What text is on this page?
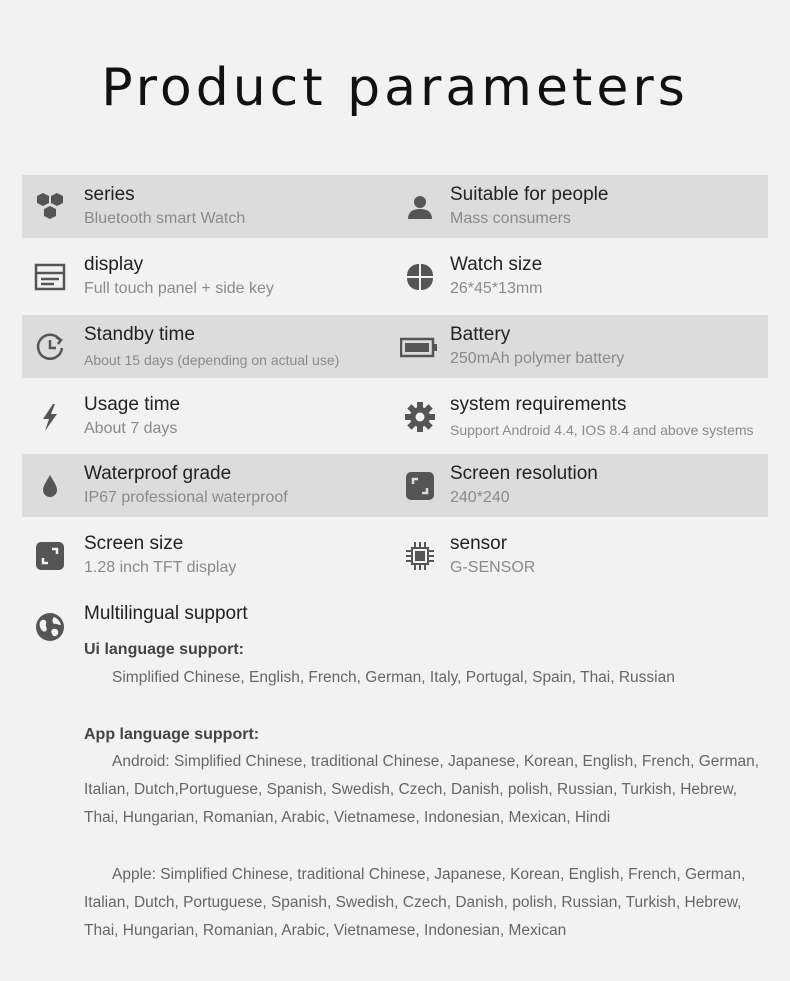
Product parameters
series
Bluetooth smart Watch
Suitable for people
Mass consumers
display
Full touch panel + side key
Watch size
26*45*13mm
Standby time
About 15 days (depending on actual use)
Battery
250mAh polymer battery
Usage time
About 7 days
system requirements
Support Android 4.4, IOS 8.4 and above systems
Waterproof grade
IP67 professional waterproof
Screen resolution
240*240
Screen size
1.28 inch TFT display
sensor
G-SENSOR
Multilingual support
Ui language support:
Simplified Chinese, English, French, German, Italy, Portugal, Spain, Thai, Russian
App language support:
Android: Simplified Chinese, traditional Chinese, Japanese, Korean, English, French, German, Italian, Dutch,Portuguese, Spanish, Swedish, Czech, Danish, polish, Russian, Turkish, Hebrew, Thai, Hungarian, Romanian, Arabic, Vietnamese, Indonesian, Mexican, Hindi
Apple: Simplified Chinese, traditional Chinese, Japanese, Korean, English, French, German, Italian, Dutch, Portuguese, Spanish, Swedish, Czech, Danish, polish, Russian, Turkish, Hebrew, Thai, Hungarian, Romanian, Arabic, Vietnamese, Indonesian, Mexican
